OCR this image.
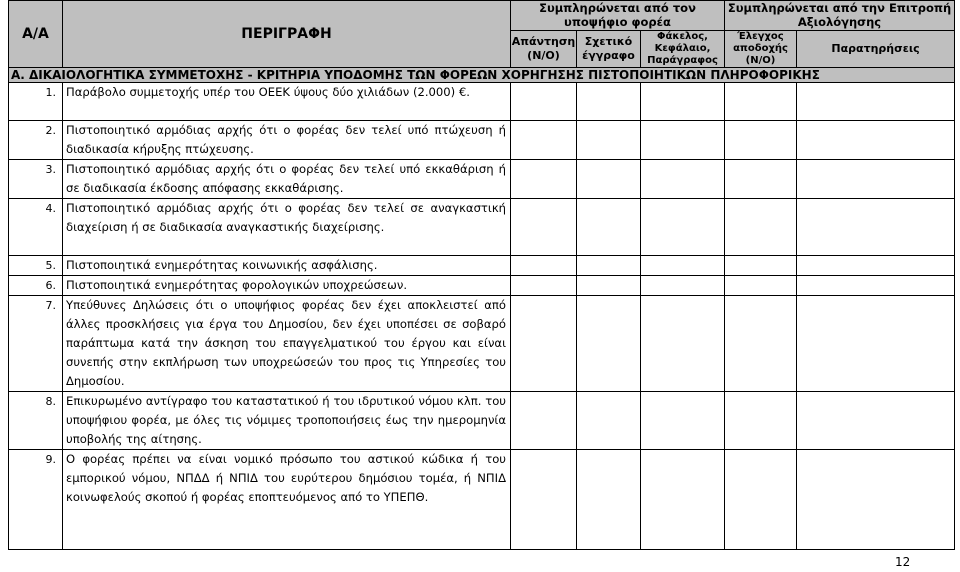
Α/Α	ΠΕΡΙΓΡΑΦΗ	Συμπληρώνεται από τον υποψήφιο φορέα			Συμπληρώνεται από την Επιτροπή Αξιολόγησης	
		Απάντηση (Ν/Ο)	Σχετικό έγγραφο	Φάκελος, Κεφάλαιο, Παράγραφος	Έλεγχος αποδοχής (Ν/Ο)	Παρατηρήσεις
Α. ΔΙΚΑΙΟΛΟΓΗΤΙΚΑ ΣΥΜΜΕΤΟΧΗΣ - ΚΡΙΤΗΡΙΑ ΥΠΟΔΟΜΗΣ ΤΩΝ ΦΟΡΕΩΝ ΧΟΡΗΓΗΣΗΣ ΠΙΣΤΟΠΟΙΗΤΙΚΩΝ ΠΛΗΡΟΦΟΡΙΚΗΣ						
1.	Παράβολο συμμετοχής υπέρ του ΟΕΕΚ ύψους δύο χιλιάδων (2.000) €.					
2.	Πιστοποιητικό αρμόδιας αρχής ότι ο φορέας δεν τελεί υπό πτώχευση ή διαδικασία κήρυξης πτώχευσης.					
3.	Πιστοποιητικό αρμόδιας αρχής ότι ο φορέας δεν τελεί υπό εκκαθάριση ή σε διαδικασία έκδοσης απόφασης εκκαθάρισης.					
4.	Πιστοποιητικό αρμόδιας αρχής ότι ο φορέας δεν τελεί σε αναγκαστική διαχείριση ή σε διαδικασία αναγκαστικής διαχείρισης.					
5.	Πιστοποιητικά ενημερότητας κοινωνικής ασφάλισης.					
6.	Πιστοποιητικά ενημερότητας φορολογικών υποχρεώσεων.					
7.	Υπεύθυνες Δηλώσεις ότι ο υποψήφιος φορέας δεν έχει αποκλειστεί από άλλες προσκλήσεις για έργα του Δημοσίου, δεν έχει υποπέσει σε σοβαρό παράπτωμα κατά την άσκηση του επαγγελματικού του έργου και είναι συνεπής στην εκπλήρωση των υποχρεώσεών του προς τις Υπηρεσίες του Δημοσίου.					
8.	Επικυρωμένο αντίγραφο του καταστατικού ή του ιδρυτικού νόμου κλπ. του υποψήφιου φορέα, με όλες τις νόμιμες τροποποιήσεις έως την ημερομηνία υποβολής της αίτησης.					
9.	Ο φορέας πρέπει να είναι νομικό πρόσωπο του αστικού κώδικα ή του εμπορικού νόμου, ΝΠΔΔ ή ΝΠΙΔ του ευρύτερου δημόσιου τομέα, ή ΝΠΙΔ κοινωφελούς σκοπού ή φορέας εποπτευόμενος από το ΥΠΕΠΘ.					
12
